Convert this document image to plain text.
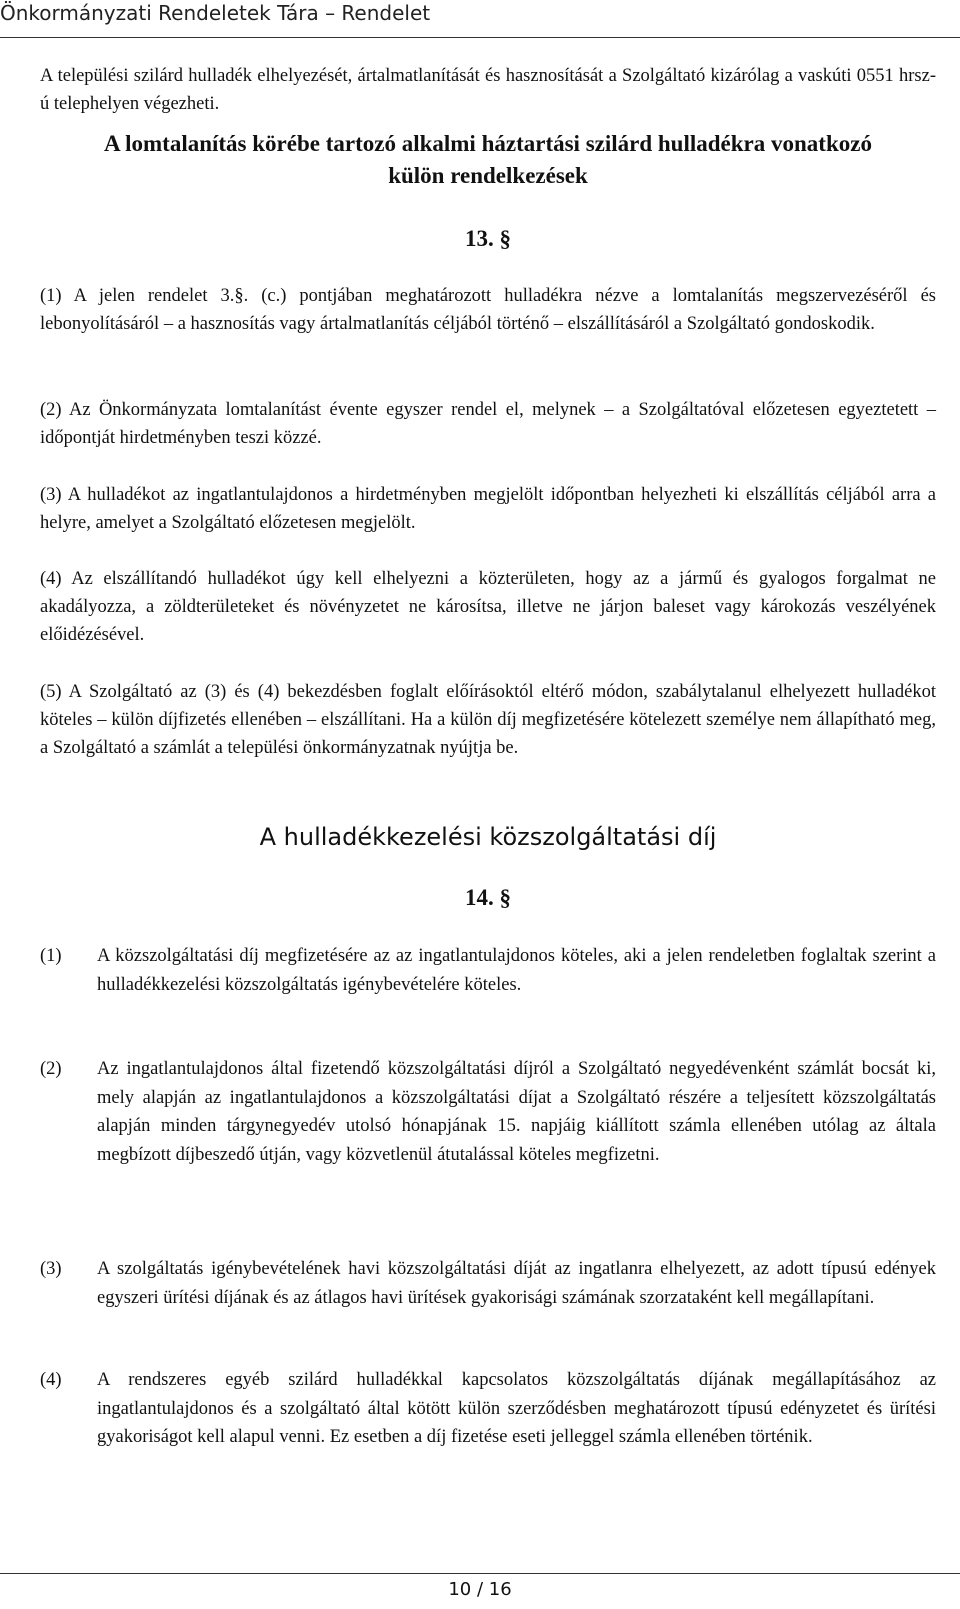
Önkormányzati Rendeletek Tára – Rendelet

A települési szilárd hulladék elhelyezését, ártalmatlanítását és hasznosítását a Szolgáltató kizárólag a vaskúti 0551 hrsz-ú telephelyen végezheti.

A lomtalanítás körébe tartozó alkalmi háztartási szilárd hulladékra vonatkozó külön rendelkezések
13. §

(1) A jelen rendelet 3.§. (c.) pontjában meghatározott hulladékra nézve a lomtalanítás megszervezéséről és lebonyolításáról – a hasznosítás vagy ártalmatlanítás céljából történő – elszállításáról a Szolgáltató gondoskodik.

(2) Az Önkormányzata lomtalanítást évente egyszer rendel el, melynek – a Szolgáltatóval előzetesen egyeztetett – időpontját hirdetményben teszi közzé.

(3) A hulladékot az ingatlantulajdonos a hirdetményben megjelölt időpontban helyezheti ki elszállítás céljából arra a helyre, amelyet a Szolgáltató előzetesen megjelölt.

(4) Az elszállítandó hulladékot úgy kell elhelyezni a közterületen, hogy az a jármű és gyalogos forgalmat ne akadályozza, a zöldterületeket és növényzetet ne károsítsa, illetve ne járjon baleset vagy károkozás veszélyének előidézésével.

(5) A Szolgáltató az (3) és (4) bekezdésben foglalt előírásoktól eltérő módon, szabálytalanul elhelyezett hulladékot köteles – külön díjfizetés ellenében – elszállítani. Ha a külön díj megfizetésére kötelezett személye nem állapítható meg, a Szolgáltató a számlát a települési önkormányzatnak nyújtja be.

A hulladékkezelési közszolgáltatási díj
14. §
(1) A közszolgáltatási díj megfizetésére az az ingatlantulajdonos köteles, aki a jelen rendeletben foglaltak szerint a hulladékkezelési közszolgáltatás igénybevételére köteles.

(2) Az ingatlantulajdonos által fizetendő közszolgáltatási díjról a Szolgáltató negyedévenként számlát bocsát ki, mely alapján az ingatlantulajdonos a közszolgáltatási díjat a Szolgáltató részére a teljesített közszolgáltatás alapján minden tárgynegyedév utolsó hónapjának 15. napjáig kiállított számla ellenében utólag az általa megbízott díjbeszedő útján, vagy közvetlenül átutalással köteles megfizetni.

(3) A szolgáltatás igénybevételének havi közszolgáltatási díját az ingatlanra elhelyezett, az adott típusú edények egyszeri ürítési díjának és az átlagos havi ürítések gyakorisági számának szorzataként kell megállapítani.

(4) A rendszeres egyéb szilárd hulladékkal kapcsolatos közszolgáltatás díjának megállapításához az ingatlantulajdonos és a szolgáltató által kötött külön szerződésben meghatározott típusú edényzetet és ürítési gyakoriságot kell alapul venni. Ez esetben a díj fizetése eseti jelleggel számla ellenében történik.

10 / 16
